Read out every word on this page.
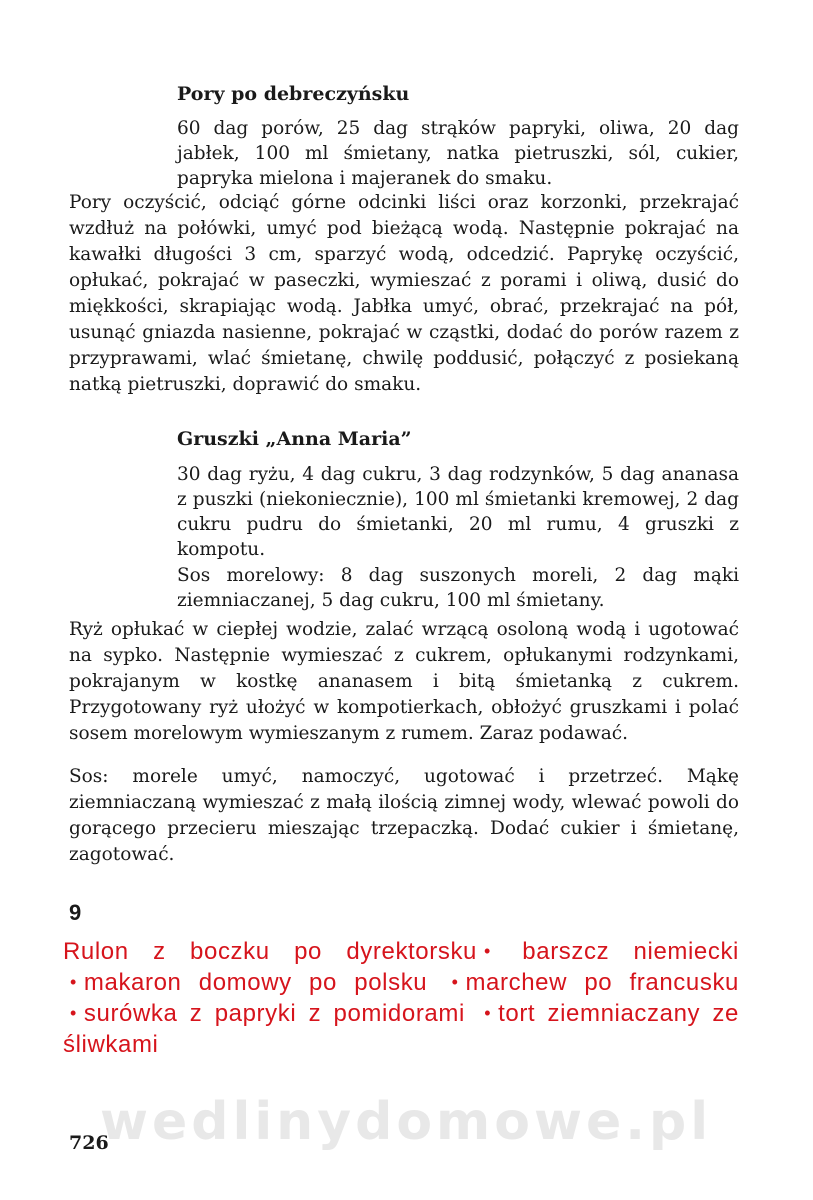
Pory po debreczyńsku

60 dag porów, 25 dag strąków papryki, oliwa, 20 dag jabłek, 100 ml śmietany, natka pietruszki, sól, cukier, papryka mielona i majeranek do smaku.

Pory oczyścić, odciąć górne odcinki liści oraz korzonki, przekrajać wzdłuż na połówki, umyć pod bieżącą wodą. Następnie pokrajać na kawałki długości 3 cm, sparzyć wodą, odcedzić. Paprykę oczyścić, opłukać, pokrajać w paseczki, wymieszać z porami i oliwą, dusić do miękkości, skrapiając wodą. Jabłka umyć, obrać, przekrajać na pół, usunąć gniazda nasienne, pokrajać w cząstki, dodać do porów razem z przyprawami, wlać śmietanę, chwilę poddusić, połączyć z posiekaną natką pietruszki, doprawić do smaku.

Gruszki „Anna Maria”

30 dag ryżu, 4 dag cukru, 3 dag rodzynków, 5 dag ananasa z puszki (niekoniecznie), 100 ml śmietanki kremowej, 2 dag cukru pudru do śmietanki, 20 ml rumu, 4 gruszki z kompotu.

Sos morelowy: 8 dag suszonych moreli, 2 dag mąki ziemniaczanej, 5 dag cukru, 100 ml śmietany.

Ryż opłukać w ciepłej wodzie, zalać wrzącą osoloną wodą i ugotować na sypko. Następnie wymieszać z cukrem, opłukanymi rodzynkami, pokrajanym w kostkę ananasem i bitą śmietanką z cukrem. Przygotowany ryż ułożyć w kompotierkach, obłożyć gruszkami i polać sosem morelowym wymieszanym z rumem. Zaraz podawać.

Sos: morele umyć, namoczyć, ugotować i przetrzeć. Mąkę ziemniaczaną wymieszać z małą ilością zimnej wody, wlewać powoli do gorącego przecieru mieszając trzepaczką. Dodać cukier i śmietanę, zagotować.

9
Rulon z boczku po dyrektorsku • barszcz niemiecki • makaron domowy po polsku • marchew po francusku • surówka z papryki z pomidorami • tort ziemniaczany ze śliwkami
wedlinydomowe.pl
726
